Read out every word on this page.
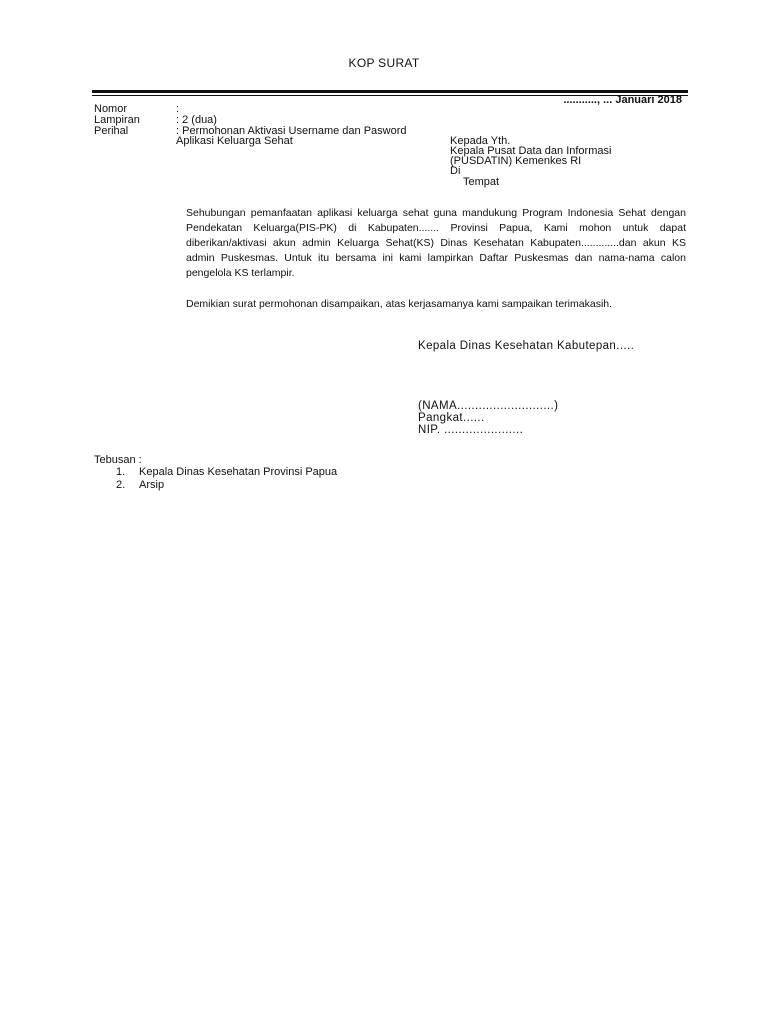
KOP SURAT
..........., ... Januari 2018
Nomor	:
Lampiran	: 2 (dua)
Perihal	: Permohonan Aktivasi Username dan Pasword
Aplikasi Keluarga Sehat	Kepada Yth.
Kepala Pusat Data dan Informasi
(PUSDATIN) Kemenkes RI
Di
Tempat
Sehubungan pemanfaatan aplikasi keluarga sehat guna mandukung Program Indonesia Sehat dengan Pendekatan Keluarga(PIS-PK) di Kabupaten....... Provinsi Papua, Kami mohon untuk dapat diberikan/aktivasi akun admin Keluarga Sehat(KS) Dinas Kesehatan Kabupaten.............dan akun KS admin Puskesmas. Untuk itu bersama ini kami lampirkan Daftar Puskesmas dan nama-nama calon pengelola KS terlampir.
Demikian surat permohonan disampaikan, atas kerjasamanya kami sampaikan terimakasih.
Kepala Dinas Kesehatan Kabutepan.....
(NAMA...........................)
Pangkat......
NIP. ......................
Tebusan :
1. Kepala Dinas Kesehatan Provinsi Papua
2. Arsip
